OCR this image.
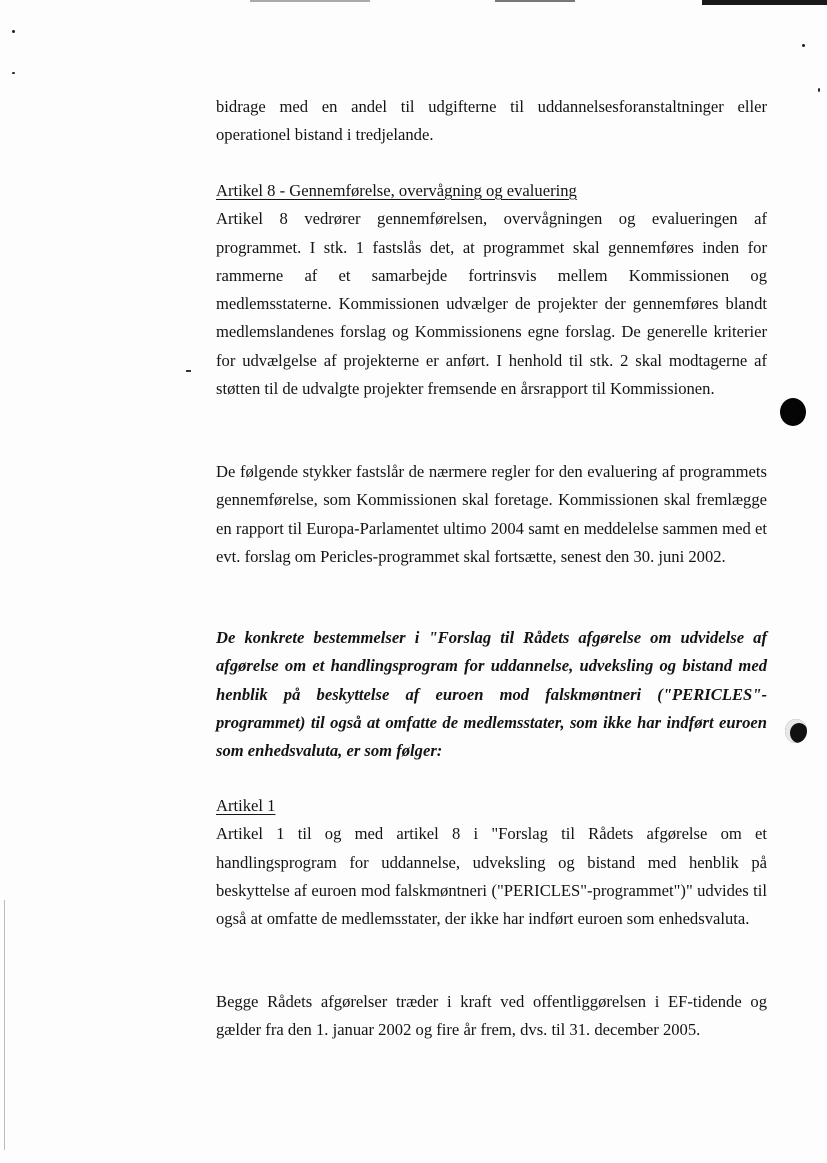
bidrage med en andel til udgifterne til uddannelsesforanstaltninger eller operationel bistand i tredjelande.

Artikel 8 - Gennemførelse, overvågning og evaluering

Artikel 8 vedrører gennemførelsen, overvågningen og evalueringen af programmet. I stk. 1 fastslås det, at programmet skal gennemføres inden for rammerne af et samarbejde fortrinsvis mellem Kommissionen og medlemsstaterne. Kommissionen udvælger de projekter der gennemføres blandt medlemslandenes forslag og Kommissionens egne forslag. De generelle kriterier for udvælgelse af projekterne er anført. I henhold til stk. 2 skal modtagerne af støtten til de udvalgte projekter fremsende en årsrapport til Kommissionen.

De følgende stykker fastslår de nærmere regler for den evaluering af programmets gennemførelse, som Kommissionen skal foretage. Kommissionen skal fremlægge en rapport til Europa-Parlamentet ultimo 2004 samt en meddelelse sammen med et evt. forslag om Pericles-programmet skal fortsætte, senest den 30. juni 2002.

De konkrete bestemmelser i "Forslag til Rådets afgørelse om udvidelse af afgørelse om et handlingsprogram for uddannelse, udveksling og bistand med henblik på beskyttelse af euroen mod falskmøntneri ("PERICLES"-programmet) til også at omfatte de medlemsstater, som ikke har indført euroen som enhedsvaluta, er som følger:

Artikel 1

Artikel 1 til og med artikel 8 i "Forslag til Rådets afgørelse om et handlingsprogram for uddannelse, udveksling og bistand med henblik på beskyttelse af euroen mod falskmøntneri ("PERICLES"-programmet")" udvides til også at omfatte de medlemsstater, der ikke har indført euroen som enhedsvaluta.

Begge Rådets afgørelser træder i kraft ved offentliggørelsen i EF-tidende og gælder fra den 1. januar 2002 og fire år frem, dvs. til 31. december 2005.
